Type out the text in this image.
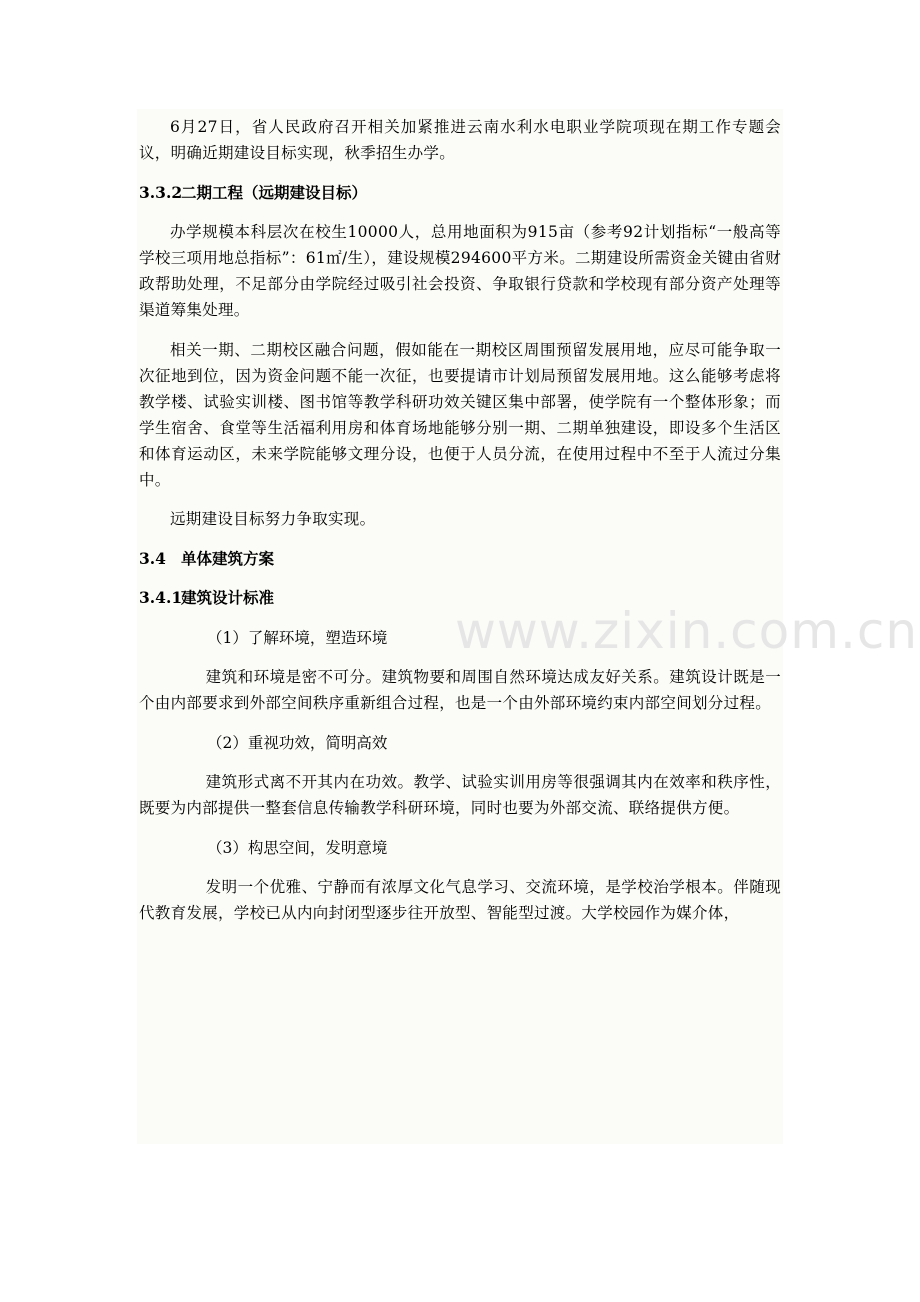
6月27日，省人民政府召开相关加紧推进云南水利水电职业学院项现在期工作专题会议，明确近期建设目标实现，秋季招生办学。

3.3.2二期工程（远期建设目标）

办学规模本科层次在校生10000人，总用地面积为915亩（参考92计划指标“一般高等学校三项用地总指标”：61㎡/生），建设规模294600平方米。二期建设所需资金关键由省财政帮助处理，不足部分由学院经过吸引社会投资、争取银行贷款和学校现有部分资产处理等渠道筹集处理。

相关一期、二期校区融合问题，假如能在一期校区周围预留发展用地，应尽可能争取一次征地到位，因为资金问题不能一次征，也要提请市计划局预留发展用地。这么能够考虑将教学楼、试验实训楼、图书馆等教学科研功效关键区集中部署，使学院有一个整体形象；而学生宿舍、食堂等生活福利用房和体育场地能够分别一期、二期单独建设，即设多个生活区和体育运动区，未来学院能够文理分设，也便于人员分流，在使用过程中不至于人流过分集中。

远期建设目标努力争取实现。

3.4 单体建筑方案
3.4.1建筑设计标准
（1）了解环境，塑造环境

建筑和环境是密不可分。建筑物要和周围自然环境达成友好关系。建筑设计既是一个由内部要求到外部空间秩序重新组合过程，也是一个由外部环境约束内部空间划分过程。

（2）重视功效，简明高效

建筑形式离不开其内在功效。教学、试验实训用房等很强调其内在效率和秩序性，既要为内部提供一整套信息传输教学科研环境，同时也要为外部交流、联络提供方便。

（3）构思空间，发明意境

发明一个优雅、宁静而有浓厚文化气息学习、交流环境，是学校治学根本。伴随现代教育发展，学校已从内向封闭型逐步往开放型、智能型过渡。大学校园作为媒介体，

www.zixin.com.cn
